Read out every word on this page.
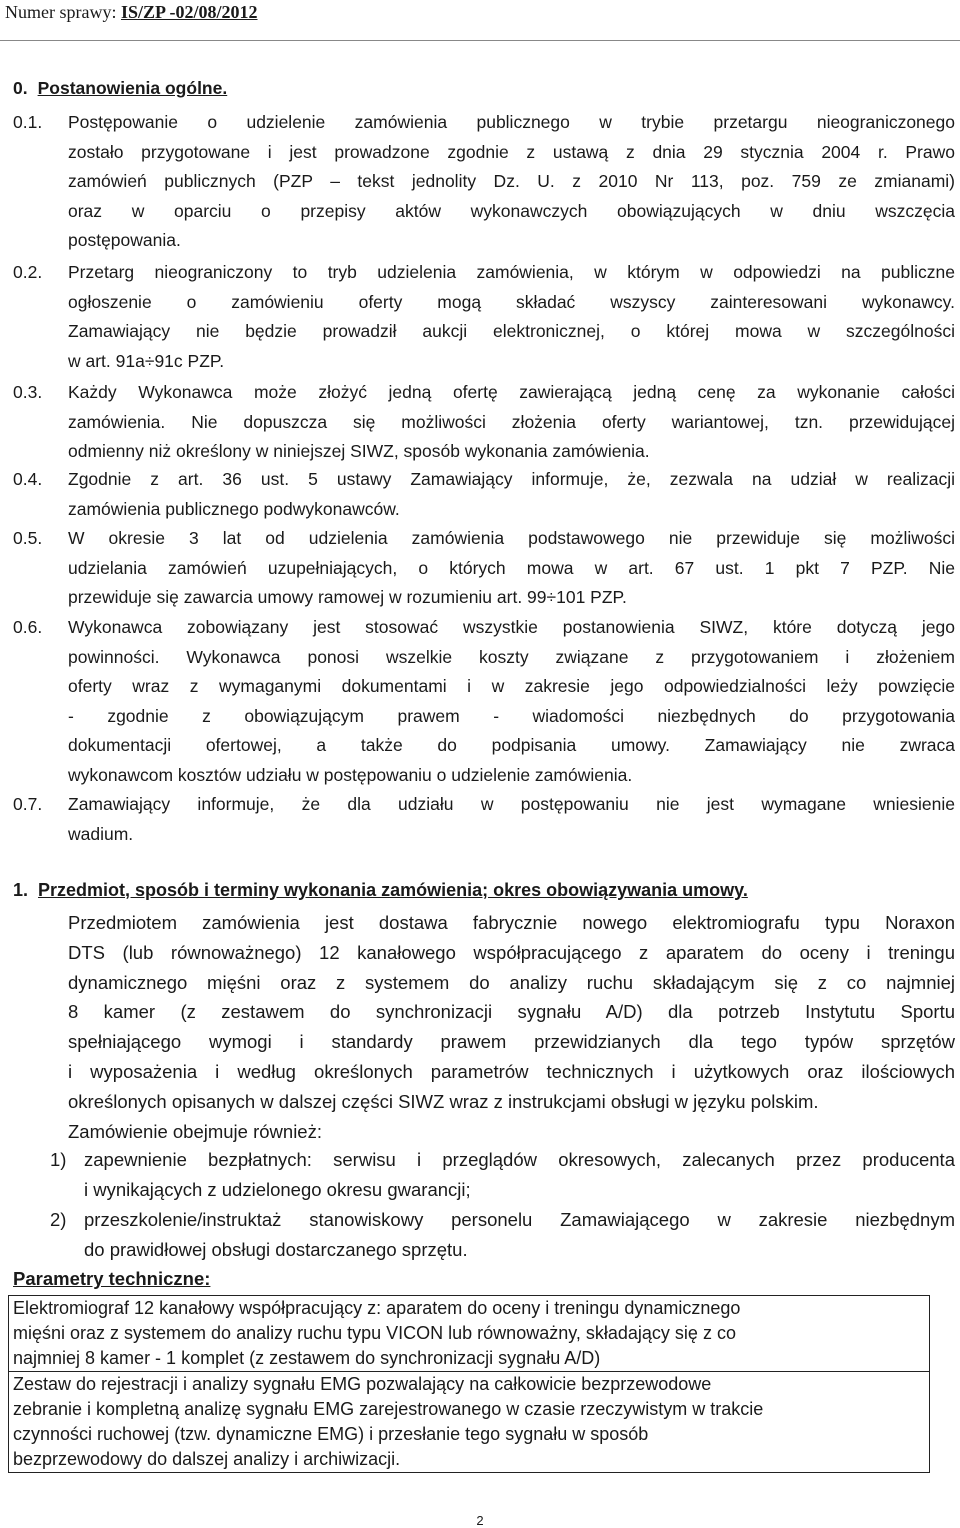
Numer sprawy: IS/ZP -02/08/2012
0. Postanowienia ogólne.
0.1. Postępowanie o udzielenie zamówienia publicznego w trybie przetargu nieograniczonego

zostało przygotowane i jest prowadzone zgodnie z ustawą z dnia 29 stycznia 2004 r. Prawo

zamówień publicznych (PZP – tekst jednolity Dz. U. z 2010 Nr 113, poz. 759 ze zmianami)

oraz w oparciu o przepisy aktów wykonawczych obowiązujących w dniu wszczęcia

postępowania.

0.2. Przetarg nieograniczony to tryb udzielenia zamówienia, w którym w odpowiedzi na publiczne

ogłoszenie o zamówieniu oferty mogą składać wszyscy zainteresowani wykonawcy.

Zamawiający nie będzie prowadził aukcji elektronicznej, o której mowa w szczególności

w art. 91a÷91c PZP.

0.3. Każdy Wykonawca może złożyć jedną ofertę zawierającą jedną cenę za wykonanie całości

zamówienia. Nie dopuszcza się możliwości złożenia oferty wariantowej, tzn. przewidującej

odmienny niż określony w niniejszej SIWZ, sposób wykonania zamówienia.

0.4. Zgodnie z art. 36 ust. 5 ustawy Zamawiający informuje, że, zezwala na udział w realizacji

zamówienia publicznego podwykonawców.

0.5. W okresie 3 lat od udzielenia zamówienia podstawowego nie przewiduje się możliwości

udzielania zamówień uzupełniających, o których mowa w art. 67 ust. 1 pkt 7 PZP. Nie

przewiduje się zawarcia umowy ramowej w rozumieniu art. 99÷101 PZP.

0.6. Wykonawca zobowiązany jest stosować wszystkie postanowienia SIWZ, które dotyczą jego

powinności. Wykonawca ponosi wszelkie koszty związane z przygotowaniem i złożeniem

oferty wraz z wymaganymi dokumentami i w zakresie jego odpowiedzialności leży powzięcie

- zgodnie z obowiązującym prawem - wiadomości niezbędnych do przygotowania

dokumentacji ofertowej, a także do podpisania umowy. Zamawiający nie zwraca

wykonawcom kosztów udziału w postępowaniu o udzielenie zamówienia.

0.7. Zamawiający informuje, że dla udziału w postępowaniu nie jest wymagane wniesienie

wadium.

1. Przedmiot, sposób i terminy wykonania zamówienia; okres obowiązywania umowy.

Przedmiotem zamówienia jest dostawa fabrycznie nowego elektromiografu typu Noraxon

DTS (lub równoważnego) 12 kanałowego współpracującego z aparatem do oceny i treningu

dynamicznego mięśni oraz z systemem do analizy ruchu składającym się z co najmniej

8 kamer (z zestawem do synchronizacji sygnału A/D) dla potrzeb Instytutu Sportu

spełniającego wymogi i standardy prawem przewidzianych dla tego typów sprzętów

i wyposażenia i według określonych parametrów technicznych i użytkowych oraz ilościowych

określonych opisanych w dalszej części SIWZ wraz z instrukcjami obsługi w języku polskim.

Zamówienie obejmuje również:

1) zapewnienie bezpłatnych: serwisu i przeglądów okresowych, zalecanych przez producenta
i wynikających z udzielonego okresu gwarancji;
2) przeszkolenie/instruktaż stanowiskowy personelu Zamawiającego w zakresie niezbędnym
do prawidłowej obsługi dostarczanego sprzętu.
Parametry techniczne:
Elektromiograf 12 kanałowy współpracujący z: aparatem do oceny i treningu dynamicznego
mięśni oraz z systemem do analizy ruchu typu VICON lub równoważny, składający się z co
najmniej 8 kamer - 1 komplet (z zestawem do synchronizacji sygnału A/D)

Zestaw do rejestracji i analizy sygnału EMG pozwalający na całkowicie bezprzewodowe
zebranie i kompletną analizę sygnału EMG zarejestrowanego w czasie rzeczywistym w trakcie
czynności ruchowej (tzw. dynamiczne EMG) i przesłanie tego sygnału w sposób
bezprzewodowy do dalszej analizy i archiwizacji.
2
